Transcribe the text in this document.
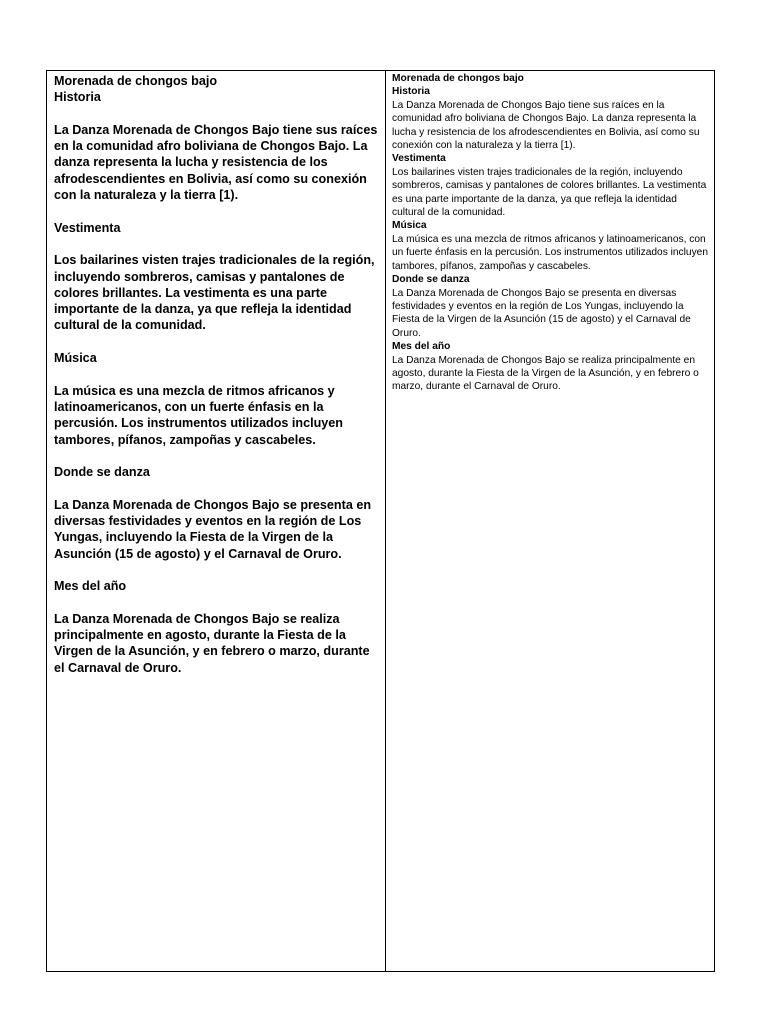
Morenada de chongos bajo

Historia

La Danza Morenada de Chongos Bajo tiene sus raíces en la comunidad afro boliviana de Chongos Bajo. La danza representa la lucha y resistencia de los afrodescendientes en Bolivia, así como su conexión con la naturaleza y la tierra [1).

Vestimenta

Los bailarines visten trajes tradicionales de la región, incluyendo sombreros, camisas y pantalones de colores brillantes. La vestimenta es una parte importante de la danza, ya que refleja la identidad cultural de la comunidad.

Música

La música es una mezcla de ritmos africanos y latinoamericanos, con un fuerte énfasis en la percusión. Los instrumentos utilizados incluyen tambores, pífanos, zampoñas y cascabeles.

Donde se danza

La Danza Morenada de Chongos Bajo se presenta en diversas festividades y eventos en la región de Los Yungas, incluyendo la Fiesta de la Virgen de la Asunción (15 de agosto) y el Carnaval de Oruro.

Mes del año

La Danza Morenada de Chongos Bajo se realiza principalmente en agosto, durante la Fiesta de la Virgen de la Asunción, y en febrero o marzo, durante el Carnaval de Oruro.

Morenada de chongos bajo

Historia

La Danza Morenada de Chongos Bajo tiene sus raíces en la comunidad afro boliviana de Chongos Bajo. La danza representa la lucha y resistencia de los afrodescendientes en Bolivia, así como su conexión con la naturaleza y la tierra [1).

Vestimenta

Los bailarines visten trajes tradicionales de la región, incluyendo sombreros, camisas y pantalones de colores brillantes. La vestimenta es una parte importante de la danza, ya que refleja la identidad cultural de la comunidad.

Música

La música es una mezcla de ritmos africanos y latinoamericanos, con un fuerte énfasis en la percusión. Los instrumentos utilizados incluyen tambores, pífanos, zampoñas y cascabeles.

Donde se danza

La Danza Morenada de Chongos Bajo se presenta en diversas festividades y eventos en la región de Los Yungas, incluyendo la Fiesta de la Virgen de la Asunción (15 de agosto) y el Carnaval de Oruro.

Mes del año

La Danza Morenada de Chongos Bajo se realiza principalmente en agosto, durante la Fiesta de la Virgen de la Asunción, y en febrero o marzo, durante el Carnaval de Oruro.
